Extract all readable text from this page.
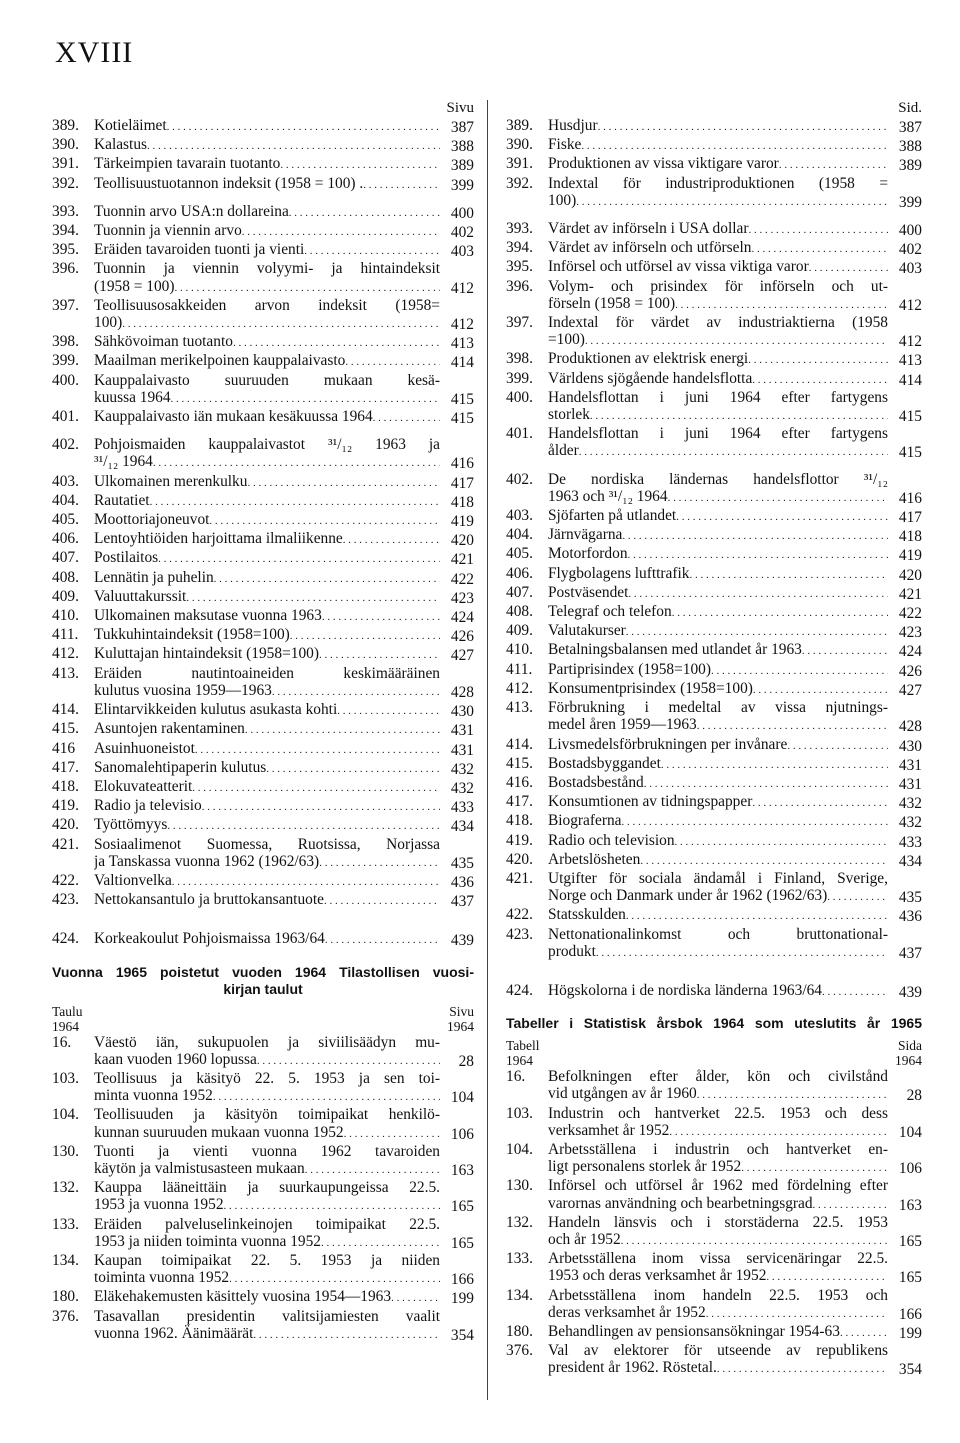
XVIII
Sivu
389. Kotieläimet . . .	387
390. Kalastus . . .	388
391. Tärkeimpien tavarain tuotanto . . .	389
392. Teollisuustuotannon indeksit (1958 = 100) . . . .	399
393. Tuonnin arvo USA:n dollareina . . .	400
394. Tuonnin ja viennin arvo . . .	402
395. Eräiden tavaroiden tuonti ja vienti . . .	403
396. Tuonnin ja viennin volyymi- ja hintaindeksit
(1958 = 100) . . .	412
397. Teollisuusosakkeiden arvon indeksit (1958=
100) . . .	412
398. Sähkövoiman tuotanto . . .	413
399. Maailman merikelpoinen kauppalaivasto . . .	414
400. Kauppalaivasto suuruuden mukaan kesä-
kuussa 1964 . . .	415
401. Kauppalaivasto iän mukaan kesäkuussa 1964 . . .	415
402. Pohjoismaiden kauppalaivastot ³¹/₁₂ 1963 ja
³¹/₁₂ 1964 . . .	416
403. Ulkomainen merenkulku . . .	417
404. Rautatiet . . .	418
405. Moottoriajoneuvot . . .	419
406. Lentoyhtiöiden harjoittama ilmaliikenne . . .	420
407. Postilaitos . . .	421
408. Lennätin ja puhelin . . .	422
409. Valuuttakurssit . . .	423
410. Ulkomainen maksutase vuonna 1963 . . .	424
411.	Tukkuhintaindeksit (1958=100) . . .	426
412. Kuluttajan hintaindeksit (1958=100) . . .	427
413. Eräiden nautintoaineiden keskimääräinen
kulutus vuosina 1959—1963 . . .	428
414. Elintarvikkeiden kulutus asukasta kohti . . .	430
415. Asuntojen rakentaminen . . .	431
416	Asuinhuoneistot . . .	431
417. Sanomalehtipaperin kulutus . . .	432
418. Elokuvateatterit . . .	432
419. Radio ja televisio . . .	433
420. Työttömyys . . .	434
421. Sosiaalimenot Suomessa, Ruotsissa, Norjassa
ja Tanskassa vuonna 1962 (1962/63) . . .	435
422. Valtionvelka . . .	436
423. Nettokansantulo ja bruttokansantuote . . .	437
424. Korkeakoulut Pohjoismaissa 1963/64 . . .	439
Vuonna 1965 poistetut vuoden 1964 Tilastollisen vuosi-
kirjan taulut
Taulu
1964
Sivu
1964
16.	Väestö iän, sukupuolen ja siviilisäädyn mu-
kaan vuoden 1960 lopussa . . .	28
103. Teollisuus ja käsityö 22. 5. 1953 ja sen toi-
minta vuonna 1952 . . .	104
104. Teollisuuden ja käsityön toimipaikat henkilö-
kunnan suuruuden mukaan vuonna 1952 . . .	106
130. Tuonti ja vienti vuonna 1962 tavaroiden
käytön ja valmistusasteen mukaan . . .	163
132. Kauppa lääneittäin ja suurkaupungeissa 22.5.
1953 ja vuonna 1952 . . .	165
133. Eräiden palveluselinkeinojen toimipaikat 22.5.
1953 ja niiden toiminta vuonna 1952 . . .	165
134. Kaupan toimipaikat 22. 5. 1953 ja niiden
toiminta vuonna 1952 . . .	166
180. Eläkehakemusten käsittely vuosina 1954—1963 . . .	199
376. Tasavallan presidentin valitsijamiesten vaalit
vuonna 1962. Äänimäärät . . .	354
Sid.
389. Husdjur . . .	387
390. Fiske . . .	388
391. Produktionen av vissa viktigare varor . . .	389
392. Indextal för industriproduktionen (1958 =
100) . . .	399
393. Värdet av införseln i USA dollar . . .	400
394. Värdet av införseln och utförseln . . .	402
395. Införsel och utförsel av vissa viktiga varor . . .	403
396. Volym- och prisindex för införseln och ut-
förseln (1958 = 100) . . .	412
397. Indextal för värdet av industriaktierna (1958
=100) . . .	412
398. Produktionen av elektrisk energi . . .	413
399. Världens sjögående handelsflotta . . .	414
400. Handelsflottan i juni 1964 efter fartygens
storlek . . .	415
401. Handelsflottan i juni 1964 efter fartygens
ålder . . .	415
402. De nordiska ländernas handelsflottor ³¹/₁₂
1963 och ³¹/₁₂ 1964 . . .	416
403. Sjöfarten på utlandet . . .	417
404. Järnvägarna . . .	418
405. Motorfordon . . .	419
406. Flygbolagens lufttrafik . . .	420
407. Postväsendet . . .	421
408. Telegraf och telefon . . .	422
409. Valutakurser . . .	423
410. Betalningsbalansen med utlandet år 1963 . . .	424
411.	Partiprisindex (1958=100) . . .	426
412. Konsumentprisindex (1958=100) . . .	427
413. Förbrukning i medeltal av vissa njutnings-
medel åren 1959—1963 . . .	428
414. Livsmedelsförbrukningen per invånare . . .	430
415. Bostadsbyggandet . . .	431
416. Bostadsbestånd . . .	431
417. Konsumtionen av tidningspapper . . .	432
418. Biograferna . . .	432
419. Radio och television . . .	433
420. Arbetslösheten . . .	434
421. Utgifter för sociala ändamål i Finland, Sverige,
Norge och Danmark under år 1962 (1962/63) . . .	435
422. Statsskulden . . .	436
423. Nettonationalinkomst och bruttonational-
produkt . . .	437
424. Högskolorna i de nordiska länderna 1963/64 . . .	439
Tabeller i Statistisk årsbok 1964 som uteslutits år 1965
Tabell
1964
Sida
1964
16.	Befolkningen efter ålder, kön och civilstånd
vid utgången av år 1960 . . .	28
103. Industrin och hantverket 22.5. 1953 och dess
verksamhet år 1952 . . .	104
104. Arbetsställena i industrin och hantverket en-
ligt personalens storlek år 1952 . . .	106
130. Införsel och utförsel år 1962 med fördelning efter
varornas användning och bearbetningsgrad . . .	163
132. Handeln länsvis och i storstäderna 22.5. 1953
och år 1952 . . .	165
133. Arbetsställena inom vissa servicenäringar 22.5.
1953 och deras verksamhet år 1952 . . .	165
134. Arbetsställena inom handeln 22.5. 1953 och
deras verksamhet år 1952 . . .	166
180. Behandlingen av pensionsansökningar 1954-63 . . .	199
376. Val av elektorer för utseende av republikens
president år 1962. Röstetal. . . .	354
